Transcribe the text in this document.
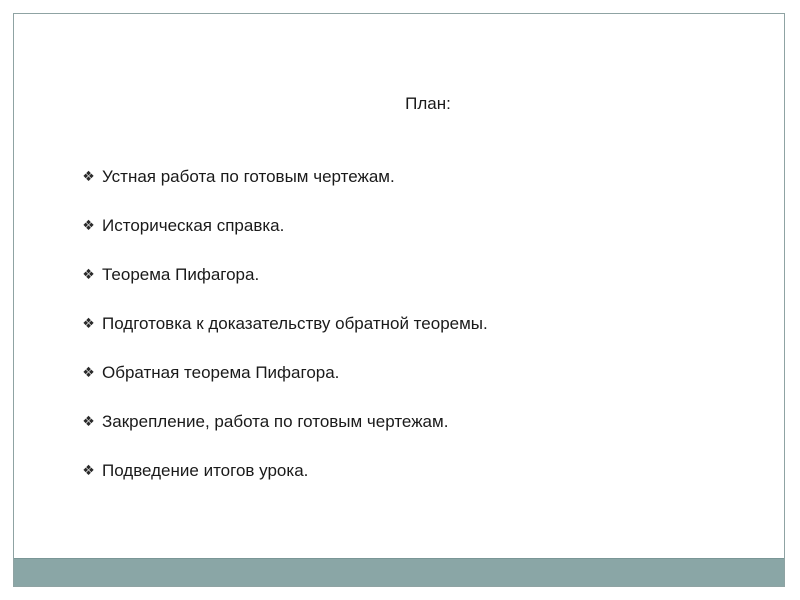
План:
❖ Устная работа по готовым чертежам.
❖ Историческая справка.
❖ Теорема Пифагора.
❖ Подготовка к доказательству обратной теоремы.
❖ Обратная теорема Пифагора.
❖ Закрепление, работа по готовым чертежам.
❖ Подведение итогов урока.
